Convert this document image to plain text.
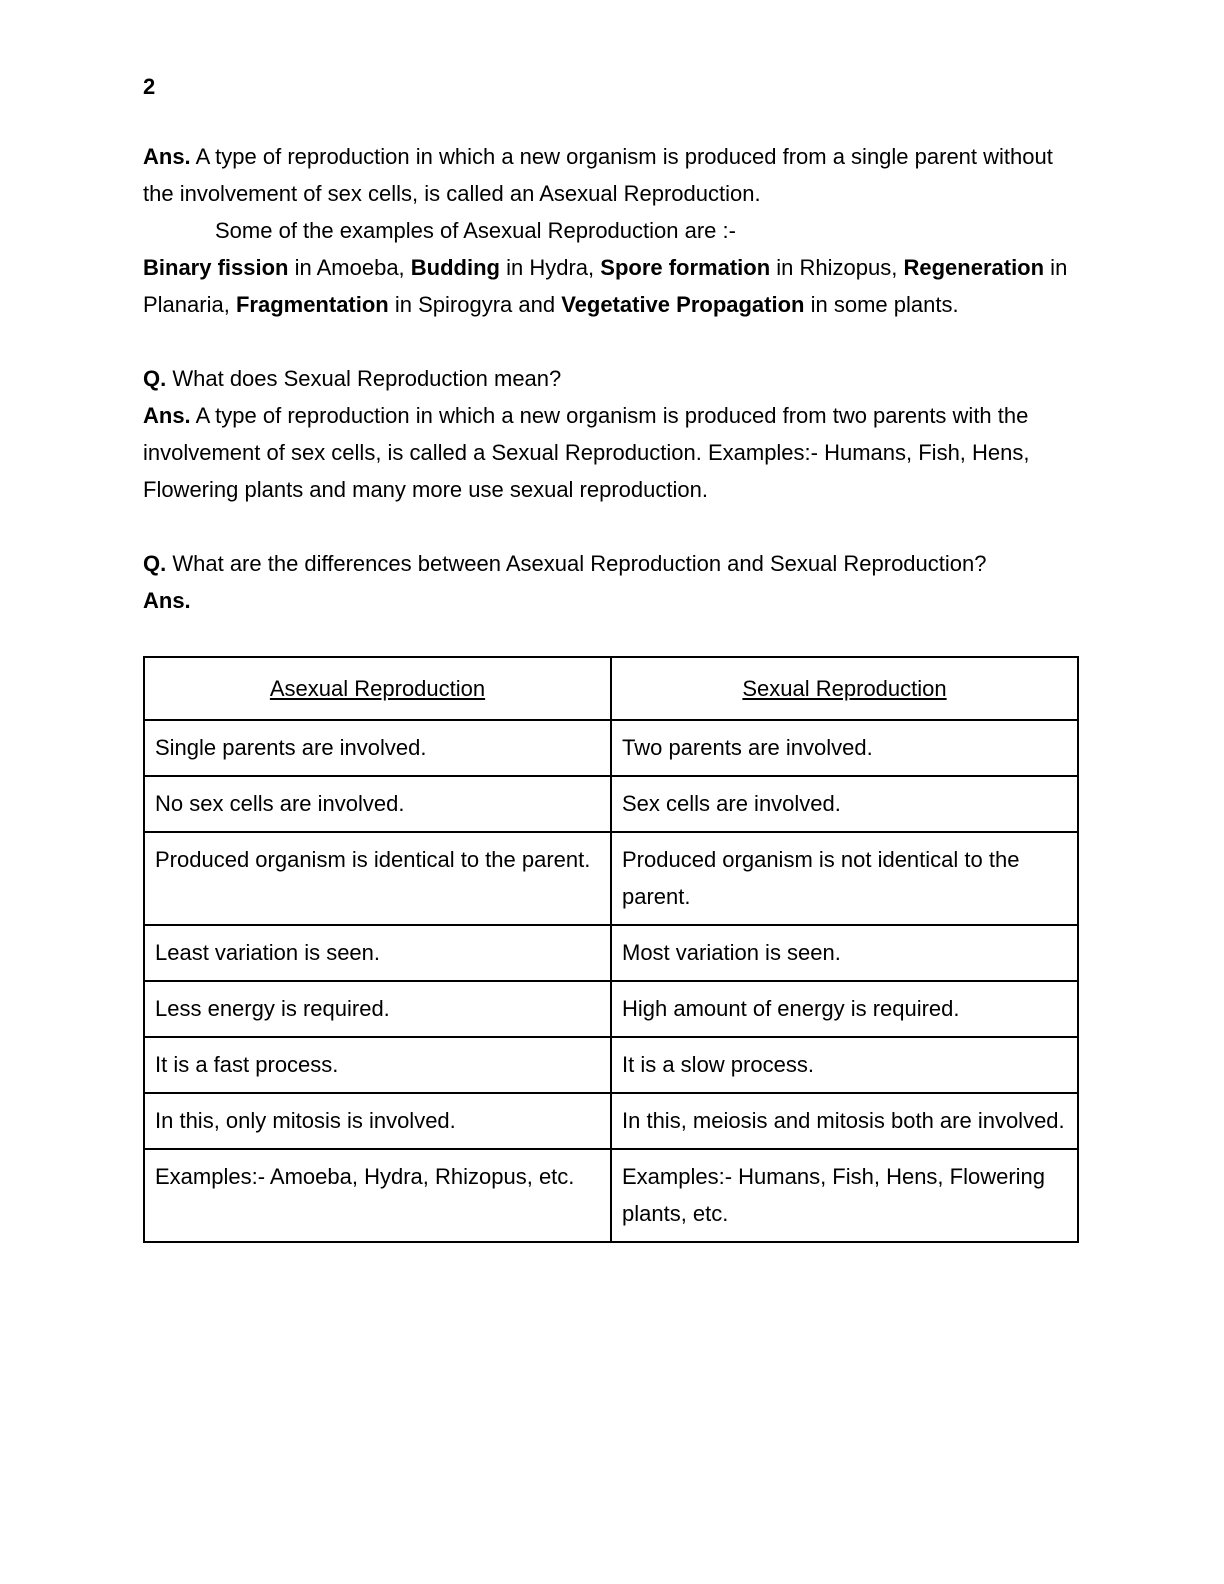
2

Ans. A type of reproduction in which a new organism is produced from a single parent without the involvement of sex cells, is called an Asexual Reproduction.

Some of the examples of Asexual Reproduction are :-

Binary fission in Amoeba, Budding in Hydra, Spore formation in Rhizopus, Regeneration in Planaria, Fragmentation in Spirogyra and Vegetative Propagation in some plants.

Q. What does Sexual Reproduction mean?

Ans. A type of reproduction in which a new organism is produced from two parents with the involvement of sex cells, is called a Sexual Reproduction. Examples:- Humans, Fish, Hens, Flowering plants and many more use sexual reproduction.

Q. What are the differences between Asexual Reproduction and Sexual Reproduction?

Ans.

Asexual Reproduction	Sexual Reproduction
Single parents are involved.	Two parents are involved.
No sex cells are involved.	Sex cells are involved.
Produced organism is identical to the parent.	Produced organism is not identical to the parent.
Least variation is seen.	Most variation is seen.
Less energy is required.	High amount of energy is required.
It is a fast process.	It is a slow process.
In this, only mitosis is involved.	In this, meiosis and mitosis both are involved.
Examples:- Amoeba, Hydra, Rhizopus, etc.	Examples:- Humans, Fish, Hens, Flowering plants, etc.
